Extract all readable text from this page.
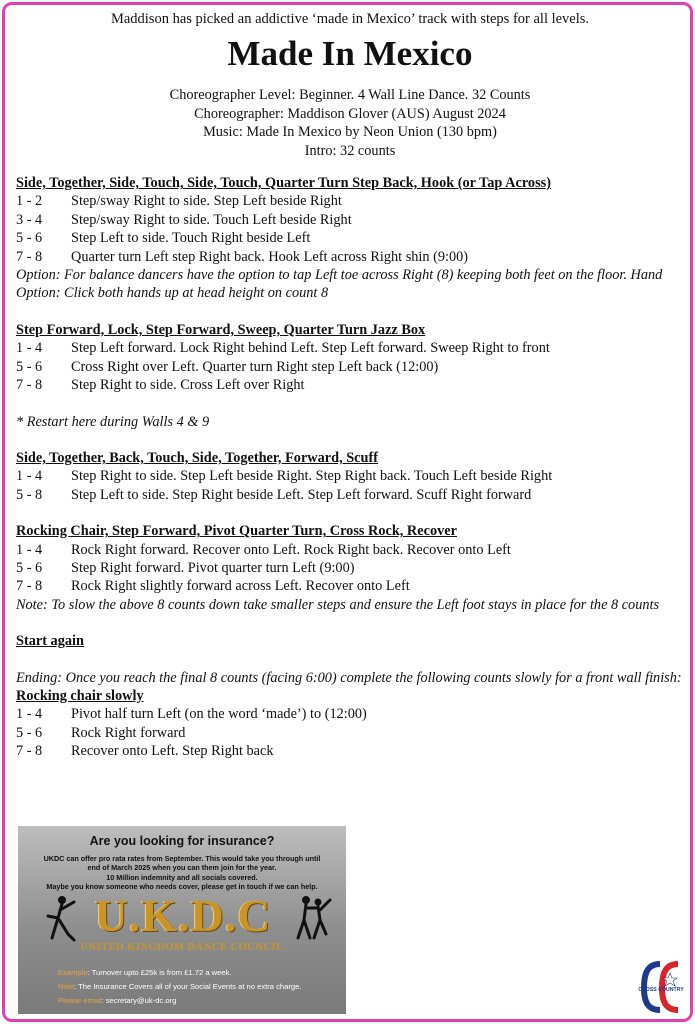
Maddison has picked an addictive ‘made in Mexico’ track with steps for all levels.
Made In Mexico
Choreographer Level: Beginner. 4 Wall Line Dance. 32 Counts
Choreographer: Maddison Glover (AUS) August 2024
Music: Made In Mexico by Neon Union (130 bpm)
Intro: 32 counts
Side, Together, Side, Touch, Side, Touch, Quarter Turn Step Back, Hook (or Tap Across)
1 - 2	Step/sway Right to side. Step Left beside Right
3 - 4	Step/sway Right to side. Touch Left beside Right
5 - 6	Step Left to side. Touch Right beside Left
7 - 8	Quarter turn Left step Right back. Hook Left across Right shin (9:00)
Option: For balance dancers have the option to tap Left toe across Right (8) keeping both feet on the floor. Hand Option: Click both hands up at head height on count 8
Step Forward, Lock, Step Forward, Sweep, Quarter Turn Jazz Box
1 - 4	Step Left forward. Lock Right behind Left. Step Left forward. Sweep Right to front
5 - 6	Cross Right over Left. Quarter turn Right step Left back (12:00)
7 - 8	Step Right to side. Cross Left over Right
* Restart here during Walls 4 & 9
Side, Together, Back, Touch, Side, Together, Forward, Scuff
1 - 4	Step Right to side. Step Left beside Right. Step Right back. Touch Left beside Right
5 - 8	Step Left to side. Step Right beside Left. Step Left forward. Scuff Right forward
Rocking Chair, Step Forward, Pivot Quarter Turn, Cross Rock, Recover
1 - 4	Rock Right forward. Recover onto Left. Rock Right back. Recover onto Left
5 - 6	Step Right forward. Pivot quarter turn Left (9:00)
7 - 8	Rock Right slightly forward across Left. Recover onto Left
Note: To slow the above 8 counts down take smaller steps and ensure the Left foot stays in place for the 8 counts
Start again
Ending: Once you reach the final 8 counts (facing 6:00) complete the following counts slowly for a front wall finish:
Rocking chair slowly
1 - 4	Pivot half turn Left (on the word ‘made’) to (12:00)
5 - 6	Rock Right forward
7 - 8	Recover onto Left. Step Right back
Are you looking for insurance?
UKDC can offer pro rata rates from September. This would take you through until
end of March 2025 when you can them join for the year.
10 Million indemnity and all socials covered.
Maybe you know someone who needs cover, please get in touch if we can help.
U.K.D.C
UNITED KINGDOM DANCE COUNCIL
Example: Turnover upto £25k is from £1.72 a week.
Note: The Insurance Covers all of your Social Events at no extra charge.
Please email: secretary@uk-dc.org
CROSS COUNTRY
